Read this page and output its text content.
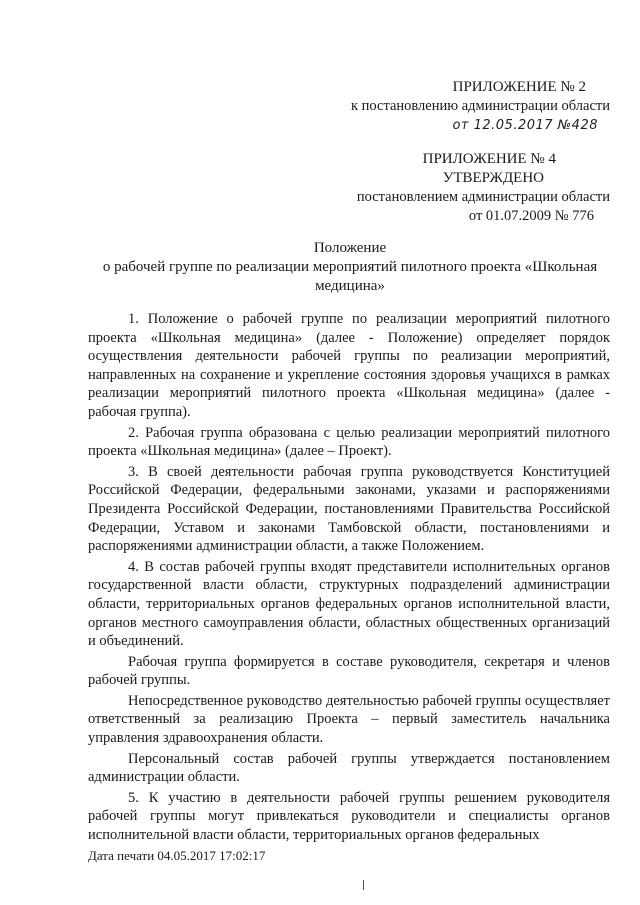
ПРИЛОЖЕНИЕ № 2
к постановлению администрации области
от 12.05.2017 №428
ПРИЛОЖЕНИЕ № 4
УТВЕРЖДЕНО
постановлением администрации области
от 01.07.2009 № 776
Положение
о рабочей группе по реализации мероприятий пилотного проекта «Школьная медицина»

1. Положение о рабочей группе по реализации мероприятий пилотного проекта «Школьная медицина» (далее - Положение) определяет порядок осуществления деятельности рабочей группы по реализации мероприятий, направленных на сохранение и укрепление состояния здоровья учащихся в рамках реализации мероприятий пилотного проекта «Школьная медицина» (далее - рабочая группа).

2. Рабочая группа образована с целью реализации мероприятий пилотного проекта «Школьная медицина» (далее – Проект).

3. В своей деятельности рабочая группа руководствуется Конституцией Российской Федерации, федеральными законами, указами и распоряжениями Президента Российской Федерации, постановлениями Правительства Российской Федерации, Уставом и законами Тамбовской области, постановлениями и распоряжениями администрации области, а также Положением.

4. В состав рабочей группы входят представители исполнительных органов государственной власти области, структурных подразделений администрации области, территориальных органов федеральных органов исполнительной власти, органов местного самоуправления области, областных общественных организаций и объединений.

Рабочая группа формируется в составе руководителя, секретаря и членов рабочей группы.

Непосредственное руководство деятельностью рабочей группы осуществляет ответственный за реализацию Проекта – первый заместитель начальника управления здравоохранения области.

Персональный состав рабочей группы утверждается постановлением администрации области.

5. К участию в деятельности рабочей группы решением руководителя рабочей группы могут привлекаться руководители и специалисты органов исполнительной власти области, территориальных органов федеральных

Дата печати 04.05.2017 17:02:17
